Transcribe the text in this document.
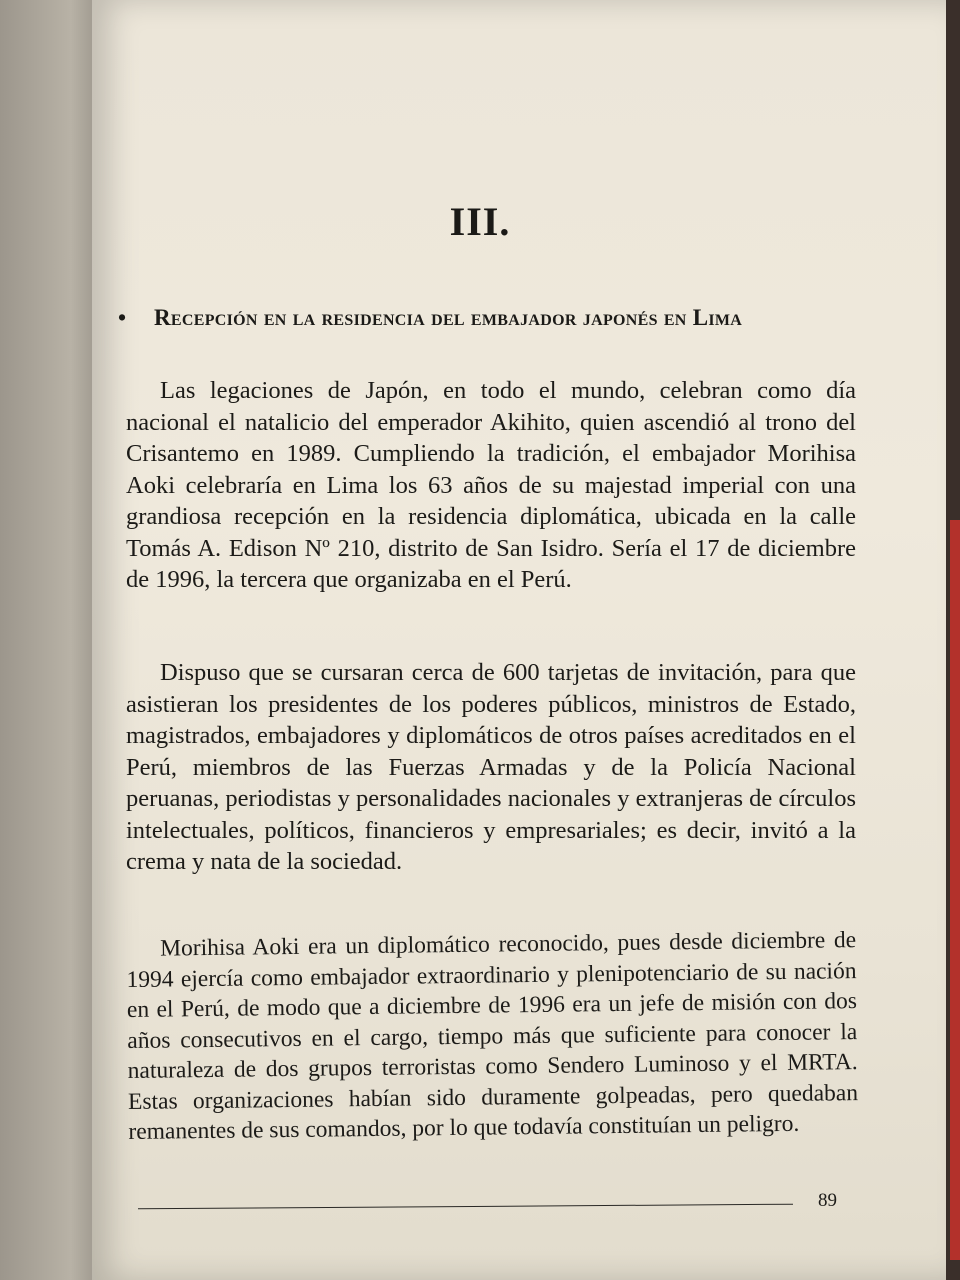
III.
• Recepción en la residencia del embajador japonés en Lima

Las legaciones de Japón, en todo el mundo, celebran como día nacional el natalicio del emperador Akihito, quien ascendió al trono del Crisantemo en 1989. Cumpliendo la tradición, el embajador Morihisa Aoki celebraría en Lima los 63 años de su majestad imperial con una grandiosa recepción en la residencia diplomática, ubicada en la calle Tomás A. Edison Nº 210, distrito de San Isidro. Sería el 17 de diciembre de 1996, la tercera que organizaba en el Perú.

Dispuso que se cursaran cerca de 600 tarjetas de invitación, para que asistieran los presidentes de los poderes públicos, ministros de Estado, magistrados, embajadores y diplomáticos de otros países acreditados en el Perú, miembros de las Fuerzas Armadas y de la Policía Nacional peruanas, periodistas y personalidades nacionales y extranjeras de círculos intelectuales, políticos, financieros y empresariales; es decir, invitó a la crema y nata de la sociedad.

Morihisa Aoki era un diplomático reconocido, pues desde diciembre de 1994 ejercía como embajador extraordinario y plenipotenciario de su nación en el Perú, de modo que a diciembre de 1996 era un jefe de misión con dos años consecutivos en el cargo, tiempo más que suficiente para conocer la naturaleza de dos grupos terroristas como Sendero Luminoso y el MRTA. Estas organizaciones habían sido duramente golpeadas, pero quedaban remanentes de sus comandos, por lo que todavía constituían un peligro.

89
